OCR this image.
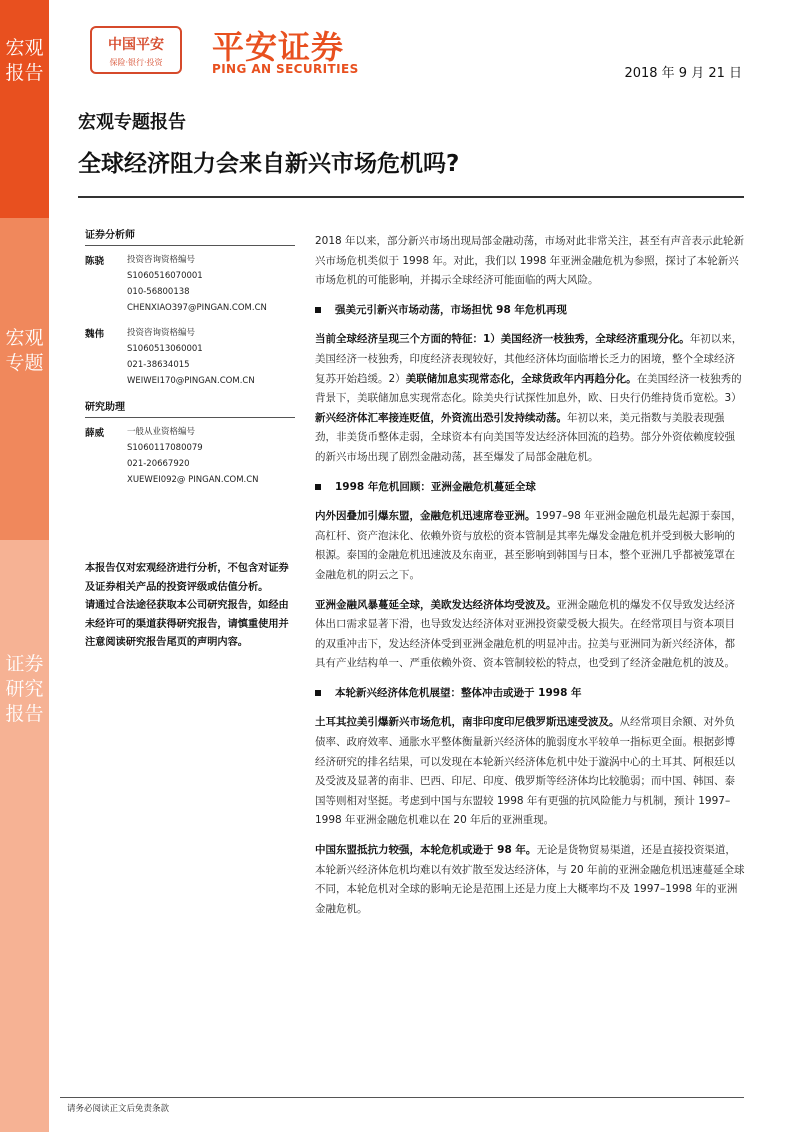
宏观报告
宏观专题
证券研究报告
中国平安
保险·银行·投资	平安证券
PING AN SECURITIES	2018 年 9 月 21 日
宏观专题报告
全球经济阻力会来自新兴市场危机吗?
证券分析师
陈骁	投资咨询资格编号
S1060516070001
010-56800138
CHENXIAO397@PINGAN.COM.CN
魏伟	投资咨询资格编号
S1060513060001
021-38634015
WEIWEI170@PINGAN.COM.CN
研究助理
薛威	一般从业资格编号
S1060117080079
021-20667920
XUEWEI092@ PINGAN.COM.CN
本报告仅对宏观经济进行分析，不包含对证券及证券相关产品的投资评级或估值分析。
请通过合法途径获取本公司研究报告，如经由未经许可的渠道获得研究报告，请慎重使用并注意阅读研究报告尾页的声明内容。

2018 年以来，部分新兴市场出现局部金融动荡，市场对此非常关注，甚至有声音表示此轮新兴市场危机类似于 1998 年。对此，我们以 1998 年亚洲金融危机为参照，探讨了本轮新兴市场危机的可能影响，并揭示全球经济可能面临的两大风险。

强美元引新兴市场动荡，市场担忧 98 年危机再现

当前全球经济呈现三个方面的特征：1）美国经济一枝独秀，全球经济重现分化。年初以来，美国经济一枝独秀，印度经济表现较好，其他经济体均面临增长乏力的困境，整个全球经济复苏开始趋缓。2）美联储加息实现常态化，全球货政年内再趋分化。在美国经济一枝独秀的背景下，美联储加息实现常态化。除美央行试探性加息外，欧、日央行仍维持货币宽松。3）新兴经济体汇率接连贬值，外资流出恐引发持续动荡。年初以来，美元指数与美股表现强劲，非美货币整体走弱，全球资本有向美国等发达经济体回流的趋势。部分外资依赖度较强的新兴市场出现了剧烈金融动荡，甚至爆发了局部金融危机。

1998 年危机回顾：亚洲金融危机蔓延全球

内外因叠加引爆东盟，金融危机迅速席卷亚洲。1997–98 年亚洲金融危机最先起源于泰国，高杠杆、资产泡沫化、依赖外资与放松的资本管制是其率先爆发金融危机并受到极大影响的根源。泰国的金融危机迅速波及东南亚，甚至影响到韩国与日本，整个亚洲几乎都被笼罩在金融危机的阴云之下。

亚洲金融风暴蔓延全球，美欧发达经济体均受波及。亚洲金融危机的爆发不仅导致发达经济体出口需求显著下滑，也导致发达经济体对亚洲投资蒙受极大损失。在经常项目与资本项目的双重冲击下，发达经济体受到亚洲金融危机的明显冲击。拉美与亚洲同为新兴经济体，都具有产业结构单一、严重依赖外资、资本管制较松的特点，也受到了经济金融危机的波及。

本轮新兴经济体危机展望：整体冲击或逊于 1998 年

土耳其拉美引爆新兴市场危机，南非印度印尼俄罗斯迅速受波及。从经常项目余额、对外负债率、政府效率、通胀水平整体衡量新兴经济体的脆弱度水平较单一指标更全面。根据彭博经济研究的排名结果，可以发现在本轮新兴经济体危机中处于漩涡中心的土耳其、阿根廷以及受波及显著的南非、巴西、印尼、印度、俄罗斯等经济体均比较脆弱；而中国、韩国、泰国等则相对坚挺。考虑到中国与东盟较 1998 年有更强的抗风险能力与机制，预计 1997–1998 年亚洲金融危机难以在 20 年后的亚洲重现。

中国东盟抵抗力较强，本轮危机或逊于 98 年。无论是货物贸易渠道，还是直接投资渠道，本轮新兴经济体危机均难以有效扩散至发达经济体，与 20 年前的亚洲金融危机迅速蔓延全球不同，本轮危机对全球的影响无论是范围上还是力度上大概率均不及 1997–1998 年的亚洲金融危机。

请务必阅读正文后免责条款
